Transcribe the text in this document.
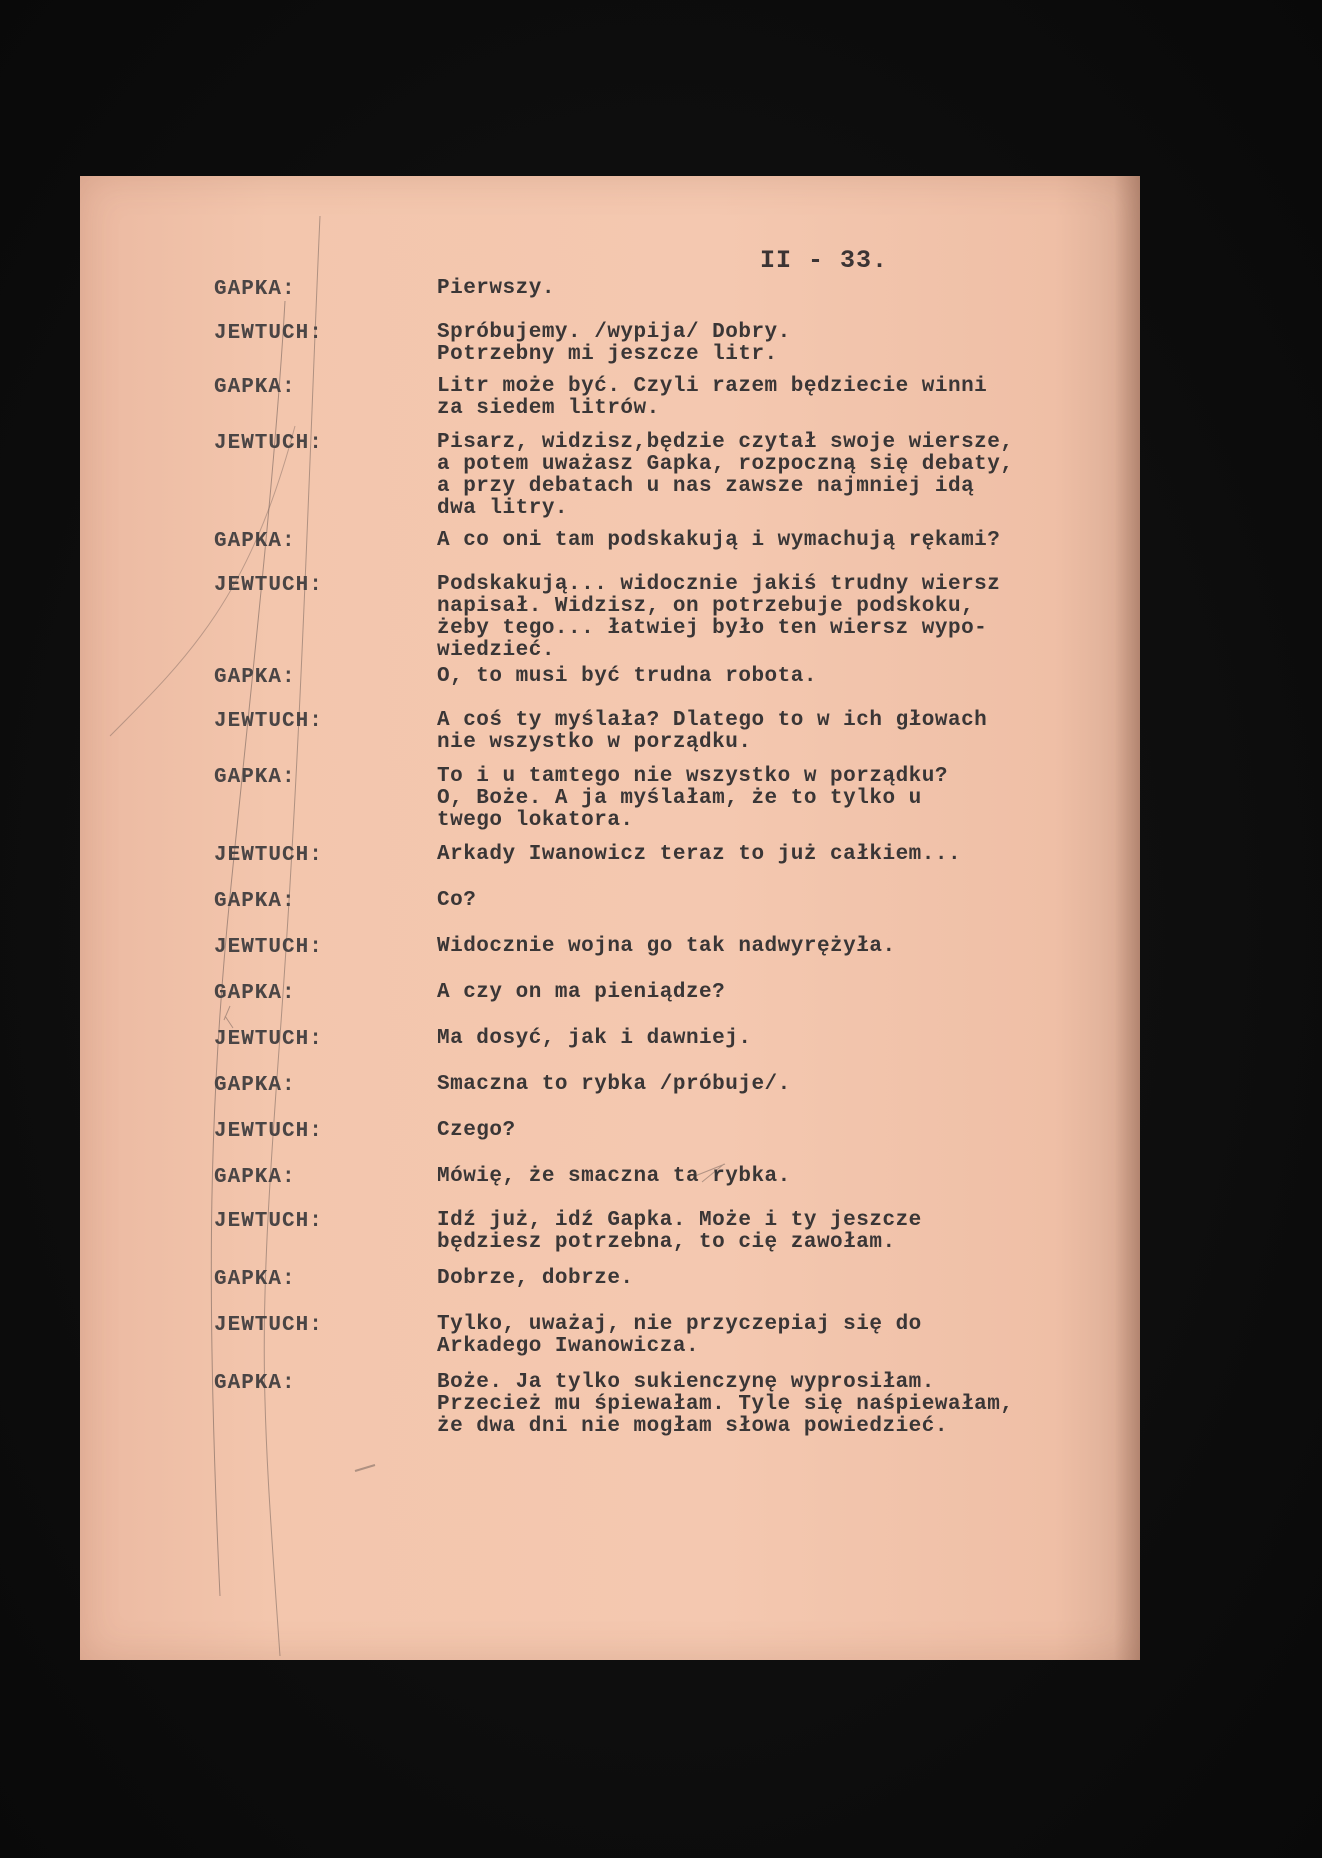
II - 33.
GAPKA:	Pierwszy.
JEWTUCH:	Spróbujemy. /wypija/ Dobry.
Potrzebny mi jeszcze litr.
GAPKA:	Litr może być. Czyli razem będziecie winni
za siedem litrów.
JEWTUCH:	Pisarz, widzisz,będzie czytał swoje wiersze,
a potem uważasz Gapka, rozpoczną się debaty,
a przy debatach u nas zawsze najmniej idą
dwa litry.
GAPKA:	A co oni tam podskakują i wymachują rękami?
JEWTUCH:	Podskakują... widocznie jakiś trudny wiersz
napisał. Widzisz, on potrzebuje podskoku,
żeby tego... łatwiej było ten wiersz wypo-
wiedzieć.
GAPKA:	O, to musi być trudna robota.
JEWTUCH:	A coś ty myślała? Dlatego to w ich głowach
nie wszystko w porządku.
GAPKA:	To i u tamtego nie wszystko w porządku?
O, Boże. A ja myślałam, że to tylko u
twego lokatora.
JEWTUCH:	Arkady Iwanowicz teraz to już całkiem...
GAPKA:	Co?
JEWTUCH:	Widocznie wojna go tak nadwyrężyła.
GAPKA:	A czy on ma pieniądze?
JEWTUCH:	Ma dosyć, jak i dawniej.
GAPKA:	Smaczna to rybka /próbuje/.
JEWTUCH:	Czego?
GAPKA:	Mówię, że smaczna ta rybka.
JEWTUCH:	Idź już, idź Gapka. Może i ty jeszcze
będziesz potrzebna, to cię zawołam.
GAPKA:	Dobrze, dobrze.
JEWTUCH:	Tylko, uważaj, nie przyczepiaj się do
Arkadego Iwanowicza.
GAPKA:	Boże. Ja tylko sukienczynę wyprosiłam.
Przecież mu śpiewałam. Tyle się naśpiewałam,
że dwa dni nie mogłam słowa powiedzieć.
